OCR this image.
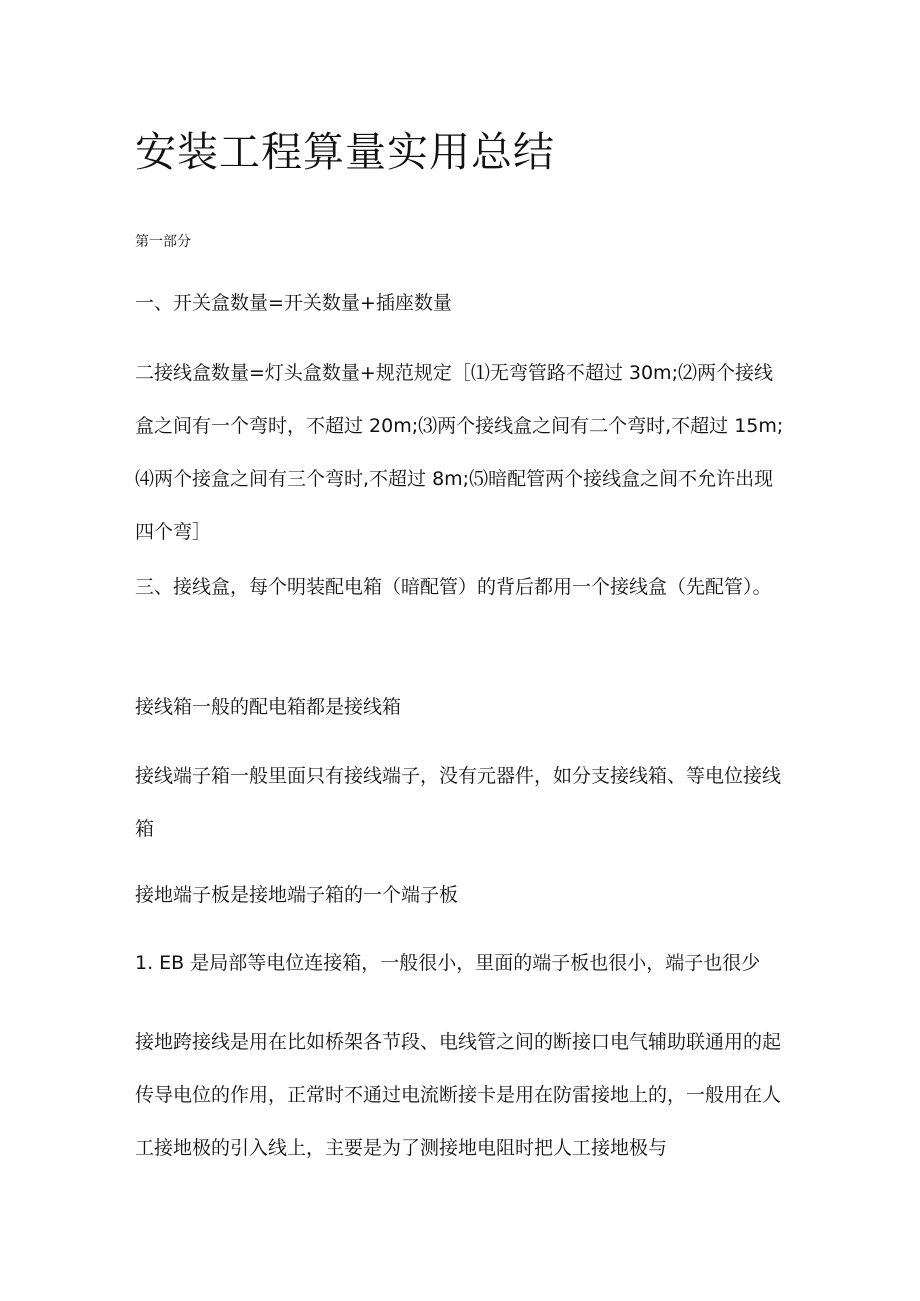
安装工程算量实用总结
第一部分

一、开关盒数量=开关数量+插座数量

二接线盒数量=灯头盒数量+规范规定［⑴无弯管路不超过 30m;⑵两个接线盒之间有一个弯时，不超过 20m;⑶两个接线盒之间有二个弯时,不超过 15m;⑷两个接盒之间有三个弯时,不超过 8m;⑸暗配管两个接线盒之间不允许出现四个弯］

三、接线盒，每个明装配电箱（暗配管）的背后都用一个接线盒（先配管）。

接线箱一般的配电箱都是接线箱

接线端子箱一般里面只有接线端子，没有元器件，如分支接线箱、等电位接线箱

接地端子板是接地端子箱的一个端子板

1. EB 是局部等电位连接箱，一般很小，里面的端子板也很小，端子也很少

接地跨接线是用在比如桥架各节段、电线管之间的断接口电气辅助联通用的起传导电位的作用，正常时不通过电流断接卡是用在防雷接地上的，一般用在人工接地极的引入线上，主要是为了测接地电阻时把人工接地极与
